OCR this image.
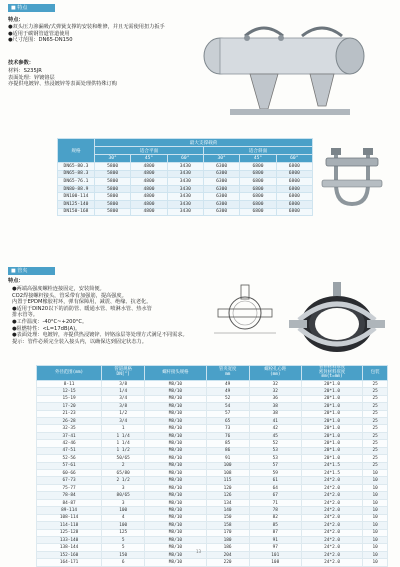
■ 特点
特点：
●双头压力渗漏吸/式弹簧支撑的安装和维修，并且无需使用扭力扳手
●适用于碳钢管道管道使用
●尺寸范围：DN65-DN150
技术参数：
材料：S235JR
表面处理：锌镀铬层
亦提供电镀锌、热浸镀锌等表面处理供特殊订购
规格	最大支撑载荷					
	适合平面			适合斜面		
	30°	45°	60°	30°	45°	60°
DN65-80.3	5800	4800	3430	6300	6800	6800
DN65-88.3	5800	4800	3430	6300	6800	6800
DN65-76.1	5800	4800	3430	6300	6800	6800
DN80-88.9	5800	4800	3430	6300	6800	6800
DN100-114	5800	4800	3430	6300	6800	6800
DN125-140	5800	4800	3430	6300	6800	6800
DN150-168	5800	4800	3430	6300	6800	6800
■ 管夹
特点：
●两端高强度螺栓连接固定，安装简便。
CO2焊接螺杆接头，管采带有加强筋，提高强度。
内置于EPDM橡胶衬环，弹有保障用，减震、绝缘、抗老化。
●适用于DIN20以下的消防管、暖通水管、喷淋水管、热水管
排水管等。
●工作温度：-40°C~+200°C。
●阻燃特性：<L=17dB(A)。
●表面处理：电镀锌，亦提供热浸镀锌、锌铬涂层等处理方式满足不同需求。
提示：管件必须完全装入接头内，以确保达到固定状态力。
外径范围(mm)	管道规格
DN["]	螺杆接头规格	管夹宽度
mm	螺栓孔心距
(mm)	管件材料厚度
密封材料厚度
mm(t=mm)	包装
8-11	3/8	M8/10	49	32	20*1.0	25
12-15	1/4	M8/10	49	32	20*1.0	25
15-19	3/4	M8/10	52	36	20*1.0	25
17-20	3/8	M8/10	54	38	20*1.0	25
21-23	1/2	M8/10	57	38	20*1.0	25
26-28	3/4	M8/10	65	41	20*1.0	25
32-35	1	M8/10	73	42	20*1.0	25
37-41	1 1/4	M8/10	76	45	20*1.0	25
42-46	1 1/4	M8/10	85	52	20*1.0	25
47-51	1 1/2	M8/10	86	53	20*1.0	25
52-56	50/65	M8/10	91	53	20*1.0	25
57-61	2	M8/10	100	57	24*1.5	25
60-66	65/80	M8/10	108	59	24*1.5	10
67-73	2 1/2	M8/10	115	61	24*2.0	10
75-77	3	M8/10	120	64	24*2.0	10
78-84	80/65	M8/10	126	67	24*2.0	10
84-87	3	M8/10	134	71	24*2.0	10
89-114	100	M8/10	140	78	24*2.0	10
108-114	4	M8/10	150	82	24*2.0	10
114-118	100	M8/10	158	85	24*2.0	10
125-128	125	M8/10	170	87	24*2.0	10
133-140	5	M8/10	180	91	24*2.0	10
138-144	5	M8/10	186	97	24*2.0	10
152-160	150	M8/10	204	101	24*2.0	10
164-171	6	M8/10	220	108	24*2.0	10
13
